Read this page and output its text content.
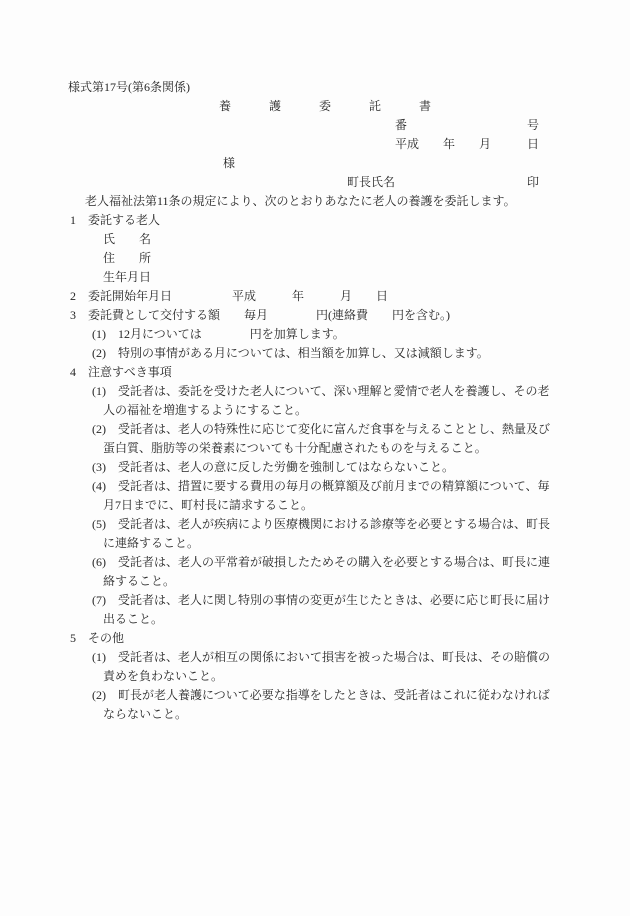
様式第17号(第6条関係)
養　　　護　　　委　　　託　　　書
番　　　　　　　　　　号
平成　　年　　月　　　日
様
町長氏名　　　　　　　　　　　印
老人福祉法第11条の規定により、次のとおりあなたに老人の養護を委託します。
1　委託する老人
氏　　名
住　　所
生年月日
2　委託開始年月日　　　　　平成　　　年　　　月　　日
3　委託費として交付する額　　毎月　　　　円(連絡費　　円を含む。)
(1)　12月については　　　　円を加算します。
(2)　特別の事情がある月については、相当額を加算し、又は減額します。
4　注意すべき事項
(1)　受託者は、委託を受けた老人について、深い理解と愛情で老人を養護し、その老
人の福祉を増進するようにすること。
(2)　受託者は、老人の特殊性に応じて変化に富んだ食事を与えることとし、熱量及び
蛋白質、脂肪等の栄養素についても十分配慮されたものを与えること。
(3)　受託者は、老人の意に反した労働を強制してはならないこと。
(4)　受託者は、措置に要する費用の毎月の概算額及び前月までの精算額について、毎
月7日までに、町村長に請求すること。
(5)　受託者は、老人が疾病により医療機関における診療等を必要とする場合は、町長
に連絡すること。
(6)　受託者は、老人の平常着が破損したためその購入を必要とする場合は、町長に連
絡すること。
(7)　受託者は、老人に関し特別の事情の変更が生じたときは、必要に応じ町長に届け
出ること。
5　その他
(1)　受託者は、老人が相互の関係において損害を被った場合は、町長は、その賠償の
責めを負わないこと。
(2)　町長が老人養護について必要な指導をしたときは、受託者はこれに従わなければ
ならないこと。
